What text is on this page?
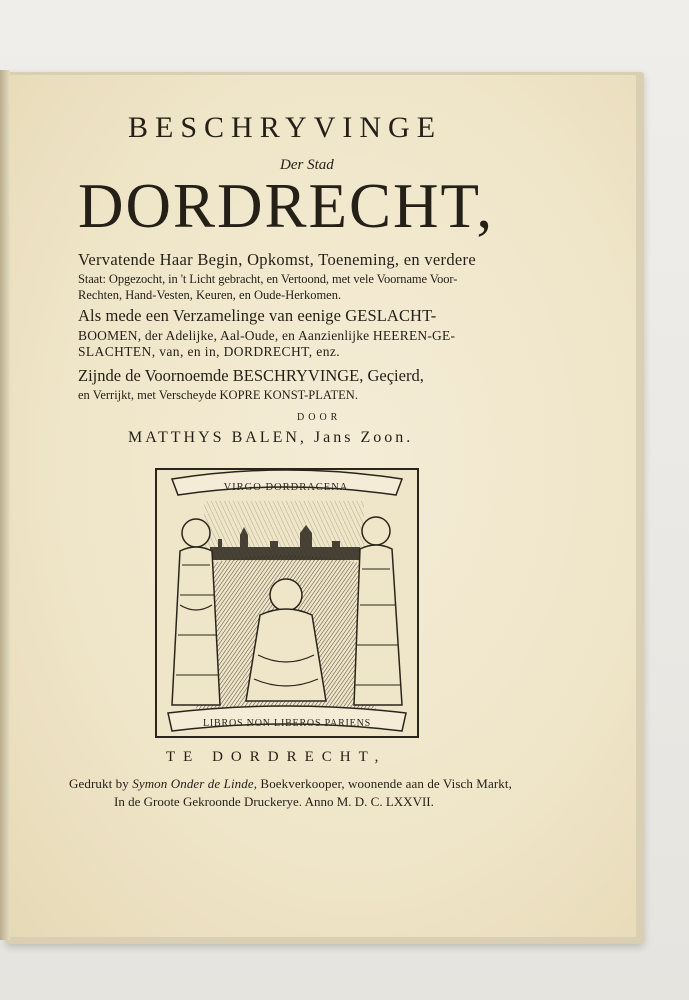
BESCHRYVINGE
Der Stad
DORDRECHT,
Vervatende Haar Begin, Opkomst, Toeneming, en verdere
Staat: Opgezocht, in 't Licht gebracht, en Vertoond, met vele Voorname Voor-
Rechten, Hand-Vesten, Keuren, en Oude-Herkomen.
Als mede een Verzamelinge van eenige GESLACHT-
BOOMEN, der Adelijke, Aal-Oude, en Aanzienlijke HEEREN-GE-
SLACHTEN, van, en in, DORDRECHT, enz.
Zijnde de Voornoemde BESCHRYVINGE, Geçierd,
en Verrijkt, met Verscheyde KOPRE KONST-PLATEN.
DOOR
MATTHYS BALEN, Jans Zoon.
VIRGO DORDRACENA
LIBROS NON LIBEROS PARIENS
TE DORDRECHT,
Gedrukt by Symon Onder de Linde, Boekverkooper, woonende aan de Visch Markt,
In de Groote Gekroonde Druckerye. Anno M. D. C. LXXVII.
